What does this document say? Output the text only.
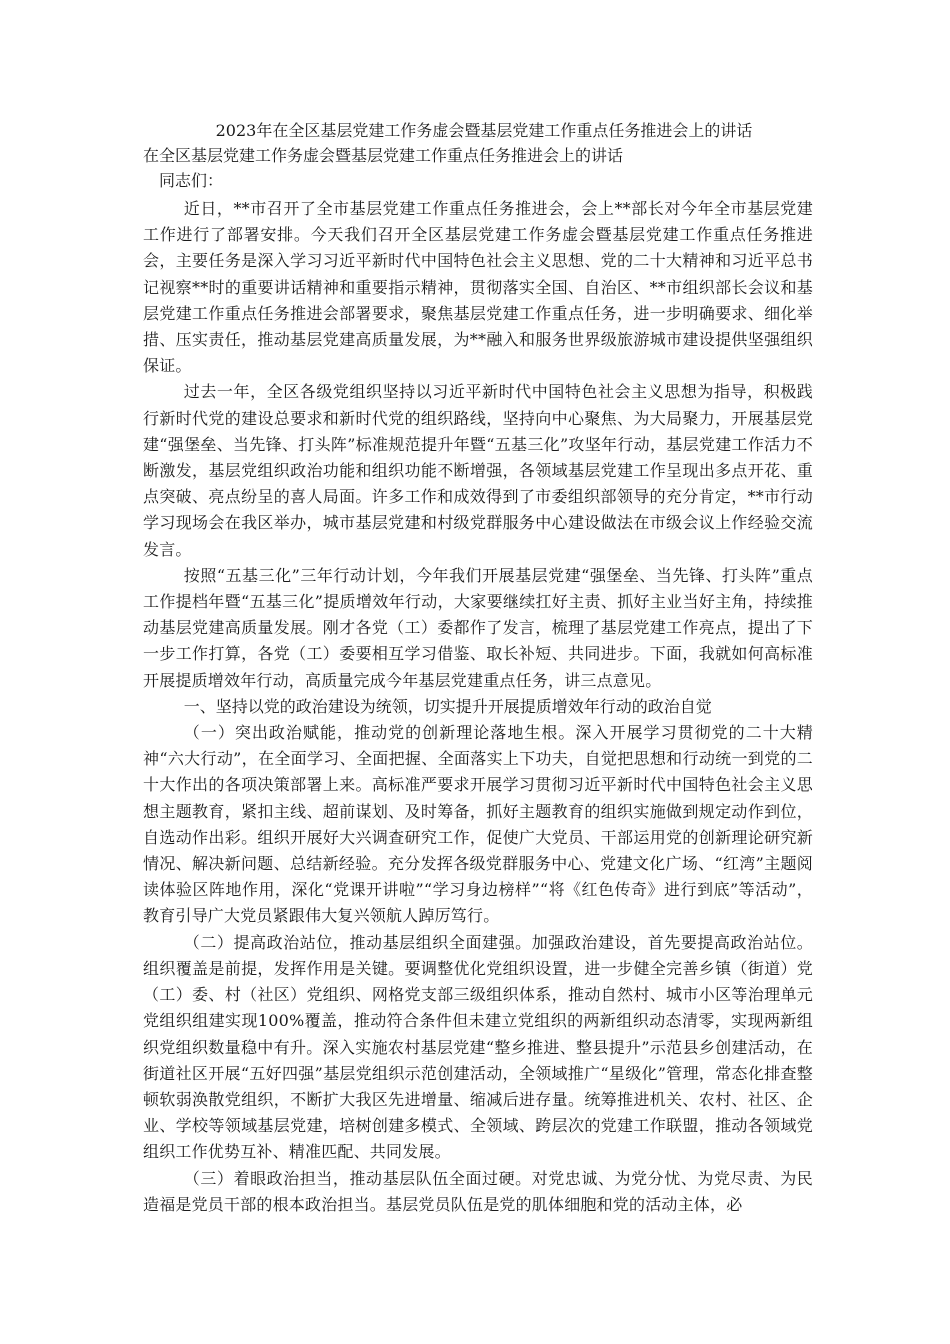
2023年在全区基层党建工作务虚会暨基层党建工作重点任务推进会上的讲话
在全区基层党建工作务虚会暨基层党建工作重点任务推进会上的讲话

同志们：

近日，**市召开了全市基层党建工作重点任务推进会，会上**部长对今年全市基层党建工作进行了部署安排。今天我们召开全区基层党建工作务虚会暨基层党建工作重点任务推进会，主要任务是深入学习习近平新时代中国特色社会主义思想、党的二十大精神和习近平总书记视察**时的重要讲话精神和重要指示精神，贯彻落实全国、自治区、**市组织部长会议和基层党建工作重点任务推进会部署要求，聚焦基层党建工作重点任务，进一步明确要求、细化举措、压实责任，推动基层党建高质量发展，为**融入和服务世界级旅游城市建设提供坚强组织保证。

过去一年，全区各级党组织坚持以习近平新时代中国特色社会主义思想为指导，积极践行新时代党的建设总要求和新时代党的组织路线，坚持向中心聚焦、为大局聚力，开展基层党建“强堡垒、当先锋、打头阵”标准规范提升年暨“五基三化”攻坚年行动，基层党建工作活力不断激发，基层党组织政治功能和组织功能不断增强，各领域基层党建工作呈现出多点开花、重点突破、亮点纷呈的喜人局面。许多工作和成效得到了市委组织部领导的充分肯定，**市行动学习现场会在我区举办，城市基层党建和村级党群服务中心建设做法在市级会议上作经验交流发言。

按照“五基三化”三年行动计划，今年我们开展基层党建“强堡垒、当先锋、打头阵”重点工作提档年暨“五基三化”提质增效年行动，大家要继续扛好主责、抓好主业当好主角，持续推动基层党建高质量发展。刚才各党（工）委都作了发言，梳理了基层党建工作亮点，提出了下一步工作打算，各党（工）委要相互学习借鉴、取长补短、共同进步。下面，我就如何高标准开展提质增效年行动，高质量完成今年基层党建重点任务，讲三点意见。

一、坚持以党的政治建设为统领，切实提升开展提质增效年行动的政治自觉

（一）突出政治赋能，推动党的创新理论落地生根。深入开展学习贯彻党的二十大精神“六大行动”，在全面学习、全面把握、全面落实上下功夫，自觉把思想和行动统一到党的二十大作出的各项决策部署上来。高标准严要求开展学习贯彻习近平新时代中国特色社会主义思想主题教育，紧扣主线、超前谋划、及时筹备，抓好主题教育的组织实施做到规定动作到位，自选动作出彩。组织开展好大兴调查研究工作，促使广大党员、干部运用党的创新理论研究新情况、解决新问题、总结新经验。充分发挥各级党群服务中心、党建文化广场、“红湾”主题阅读体验区阵地作用，深化“党课开讲啦”“学习身边榜样”“将《红色传奇》进行到底”等活动”，教育引导广大党员紧跟伟大复兴领航人踔厉笃行。

（二）提高政治站位，推动基层组织全面建强。加强政治建设，首先要提高政治站位。组织覆盖是前提，发挥作用是关键。要调整优化党组织设置，进一步健全完善乡镇（街道）党（工）委、村（社区）党组织、网格党支部三级组织体系，推动自然村、城市小区等治理单元党组织组建实现100%覆盖，推动符合条件但未建立党组织的两新组织动态清零，实现两新组织党组织数量稳中有升。深入实施农村基层党建“整乡推进、整县提升”示范县乡创建活动，在街道社区开展“五好四强”基层党组织示范创建活动，全领域推广“星级化”管理，常态化排查整顿软弱涣散党组织，不断扩大我区先进增量、缩减后进存量。统筹推进机关、农村、社区、企业、学校等领域基层党建，培树创建多模式、全领域、跨层次的党建工作联盟，推动各领域党组织工作优势互补、精准匹配、共同发展。

（三）着眼政治担当，推动基层队伍全面过硬。对党忠诚、为党分忧、为党尽责、为民造福是党员干部的根本政治担当。基层党员队伍是党的肌体细胞和党的活动主体，必
